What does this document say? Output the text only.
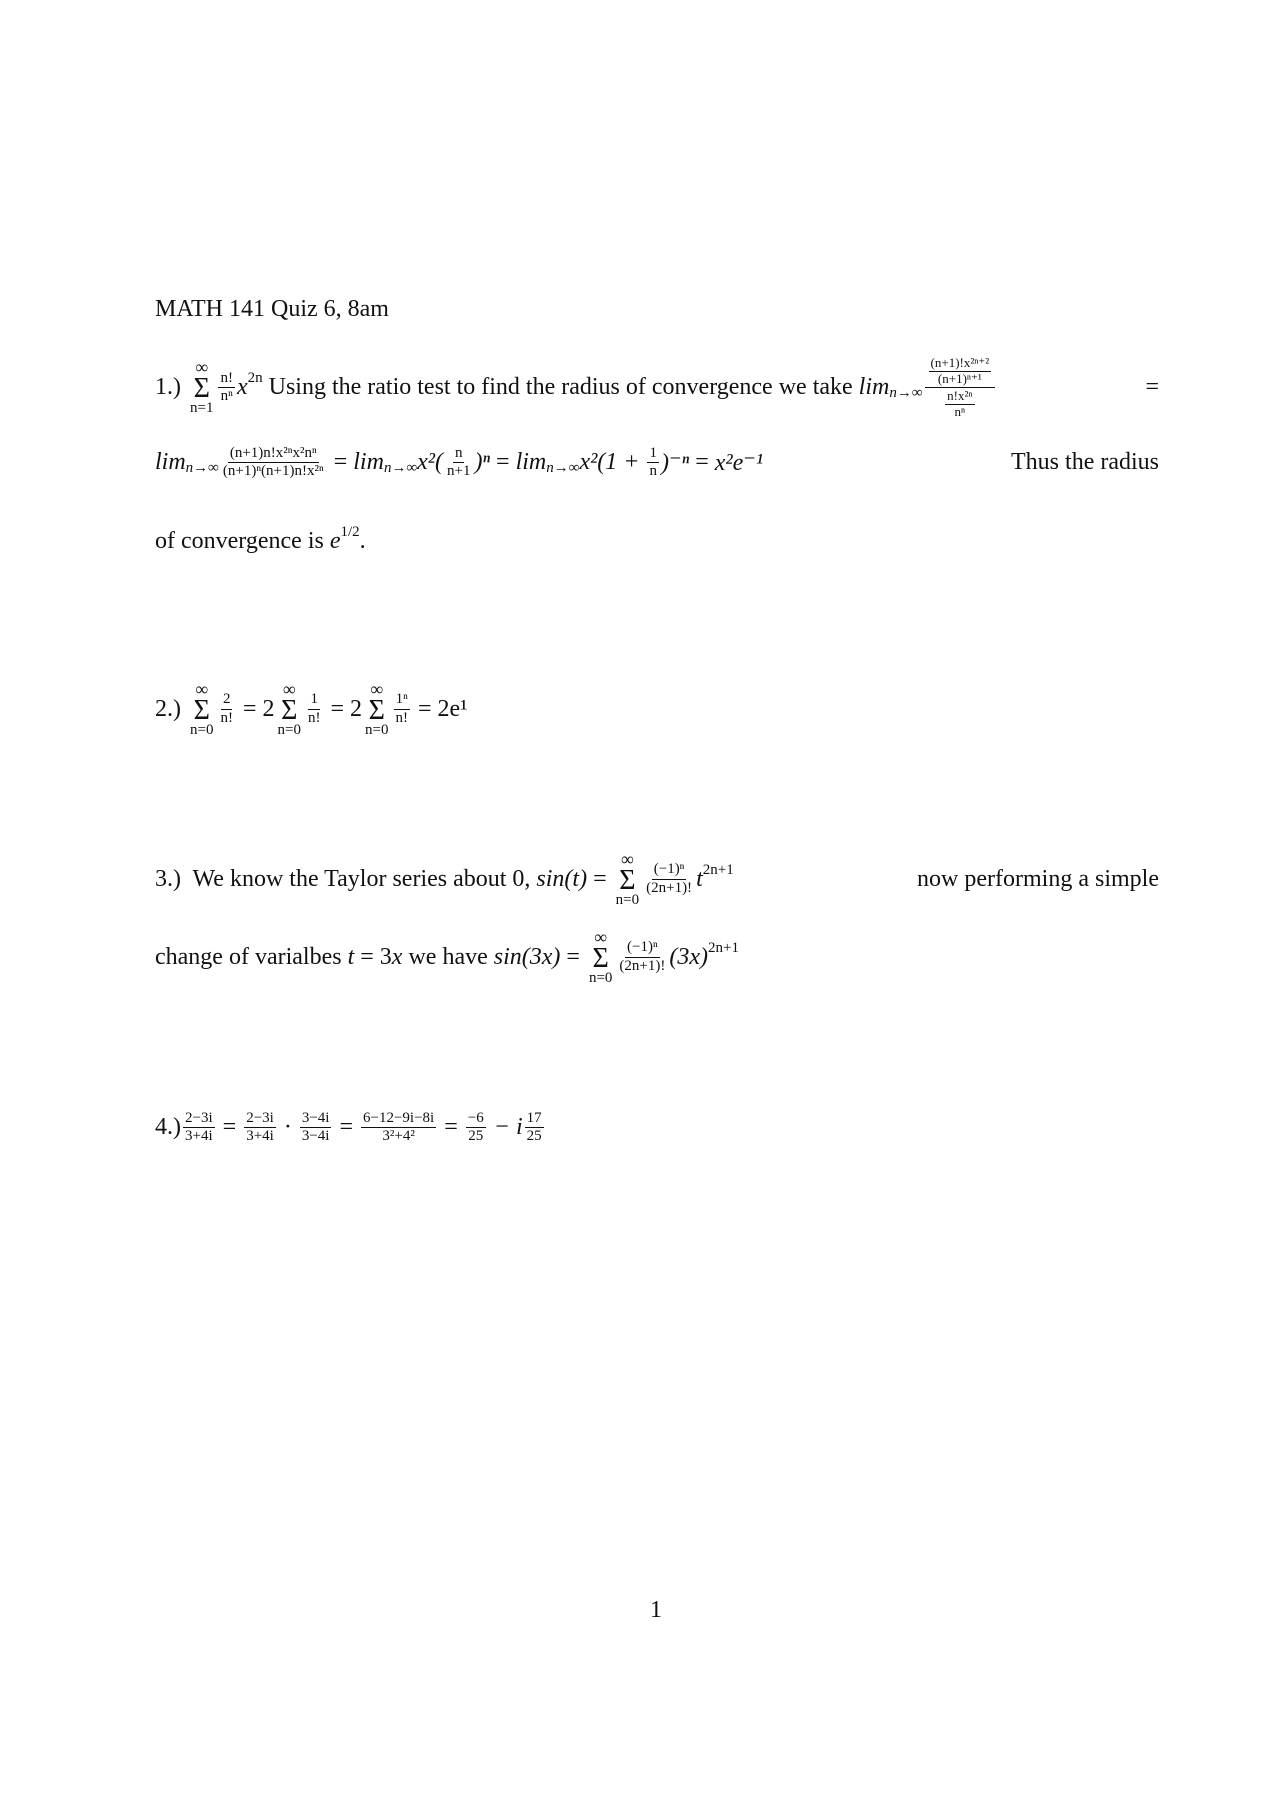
MATH 141 Quiz 6, 8am
1.)
∞
Σ
n=1
$\frac{n!}{\text{nⁿ}}$ x 2n Using the ratio test to find the radius of convergence we take $\lim n\to\infty \frac{\frac{\text{(n+1)!x²ⁿ⁺²}}{\text{(n+1)ⁿ⁺¹}}}{\frac{\text{n!x²ⁿ}}{\text{nⁿ}}}$	=
$\lim n\to\infty \frac{\text{(n+1)n!x²ⁿx²nⁿ}}{\text{(n+1)ⁿ(n+1)n!x²ⁿ}} = \lim n\to\infty$ $x^2( \frac{n}{n+1} )^n = \lim n\to\infty$ $x^2(1 + \frac{1}{n} )^{-n} = x^2e^{-1}$	Thus the radius
of convergence is e 1/2 .
2.)
∞
Σ
n=0
$\frac{2}{n!} = 2$
∞
Σ
n=0
$\frac{1}{n!} = 2$
∞
Σ
n=0
$\frac{\text{1ⁿ}}{n!} = 2e^1$
3.)  We know the Taylor series about 0, sin(t) =
∞
Σ
n=0
$\frac{\text{(−1)ⁿ}}{(2n+1)!}$ t 2n+1	now performing a simple
change of varialbes t = 3 x we have sin(3x) =
∞
Σ
n=0
$\frac{\text{(−1)ⁿ}}{(2n+1)!} (3x)$ 2n+1
$4.) \frac{2-3i}{3+4i} = \frac{2-3i}{3+4i} \cdot \frac{3-4i}{3-4i} = \frac{6-12-9i-8i}{\text{3²+4²}} = \frac{-6}{25} - i \frac{17}{25}$
1
